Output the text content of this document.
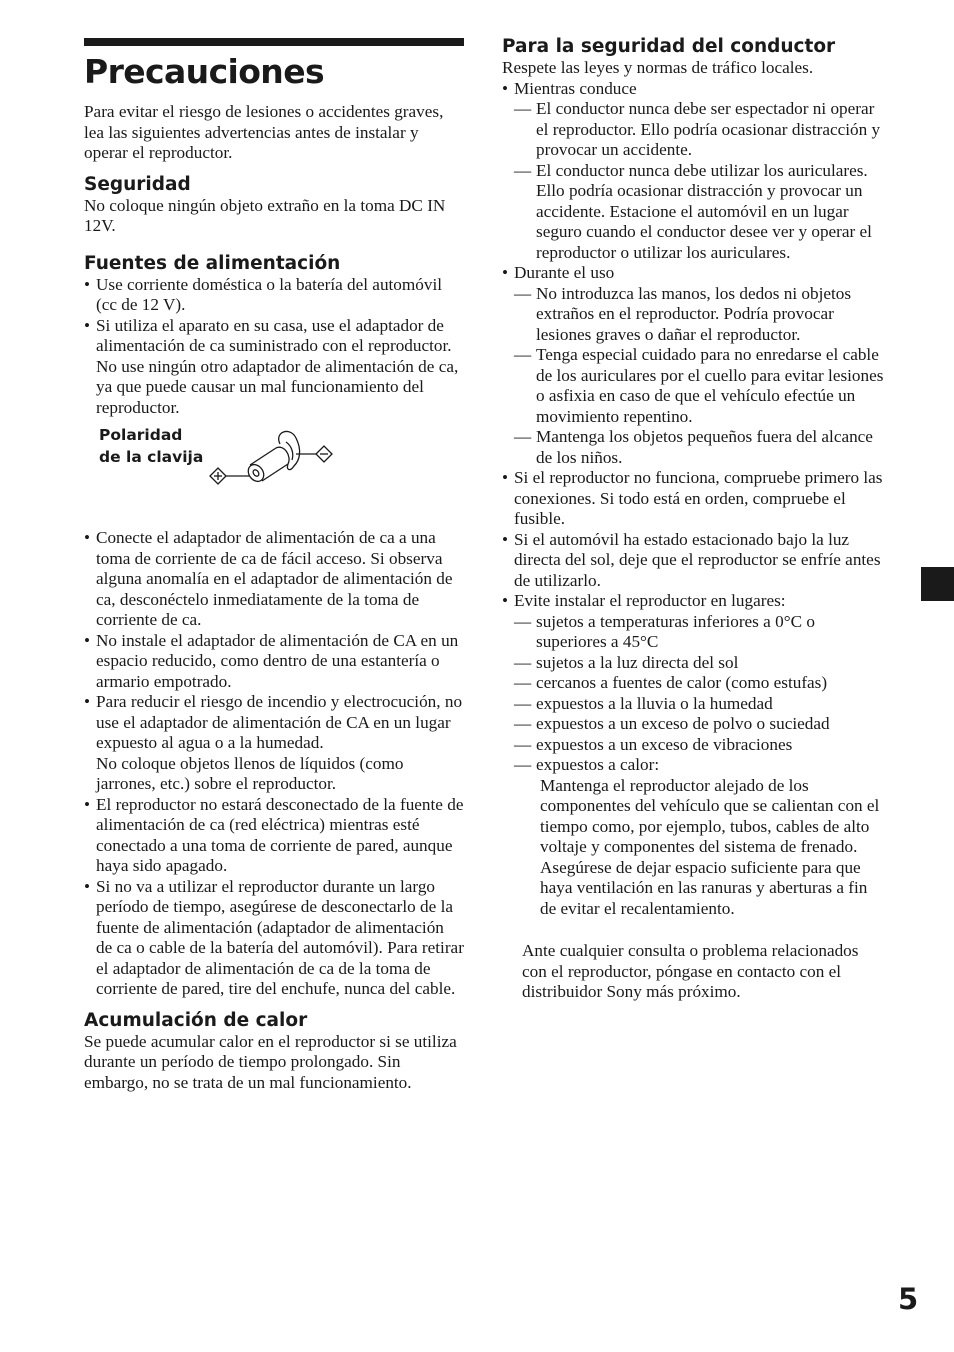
Precauciones

Para evitar el riesgo de lesiones o accidentes graves, lea las siguientes advertencias antes de instalar y operar el reproductor.

Seguridad

No coloque ningún objeto extraño en la toma DC IN 12V.

Fuentes de alimentación
• Use corriente doméstica o la batería del automóvil (cc de 12 V).
• Si utiliza el aparato en su casa, use el adaptador de alimentación de ca suministrado con el reproductor. No use ningún otro adaptador de alimentación de ca, ya que puede causar un mal funcionamiento del reproductor.
Polaridad
de la clavija
• Conecte el adaptador de alimentación de ca a una toma de corriente de ca de fácil acceso. Si observa alguna anomalía en el adaptador de alimentación de ca, desconéctelo inmediatamente de la toma de corriente de ca.
• No instale el adaptador de alimentación de CA en un espacio reducido, como dentro de una estantería o armario empotrado.
• Para reducir el riesgo de incendio y electrocución, no use el adaptador de alimentación de CA en un lugar expuesto al agua o a la humedad.
No coloque objetos llenos de líquidos (como jarrones, etc.) sobre el reproductor.
• El reproductor no estará desconectado de la fuente de alimentación de ca (red eléctrica) mientras esté conectado a una toma de corriente de pared, aunque haya sido apagado.
• Si no va a utilizar el reproductor durante un largo período de tiempo, asegúrese de desconectarlo de la fuente de alimentación (adaptador de alimentación de ca o cable de la batería del automóvil). Para retirar el adaptador de alimentación de ca de la toma de corriente de pared, tire del enchufe, nunca del cable.
Acumulación de calor

Se puede acumular calor en el reproductor si se utiliza durante un período de tiempo prolongado. Sin embargo, no se trata de un mal funcionamiento.

Para la seguridad del conductor

Respete las leyes y normas de tráfico locales.

• Mientras conduce
— El conductor nunca debe ser espectador ni operar el reproductor. Ello podría ocasionar distracción y provocar un accidente.
— El conductor nunca debe utilizar los auriculares. Ello podría ocasionar distracción y provocar un accidente. Estacione el automóvil en un lugar seguro cuando el conductor desee ver y operar el reproductor o utilizar los auriculares.
• Durante el uso
— No introduzca las manos, los dedos ni objetos extraños en el reproductor. Podría provocar lesiones graves o dañar el reproductor.
— Tenga especial cuidado para no enredarse el cable de los auriculares por el cuello para evitar lesiones o asfixia en caso de que el vehículo efectúe un movimiento repentino.
— Mantenga los objetos pequeños fuera del alcance de los niños.
• Si el reproductor no funciona, compruebe primero las conexiones. Si todo está en orden, compruebe el fusible.
• Si el automóvil ha estado estacionado bajo la luz directa del sol, deje que el reproductor se enfríe antes de utilizarlo.
• Evite instalar el reproductor en lugares:
— sujetos a temperaturas inferiores a 0°C o superiores a 45°C
— sujetos a la luz directa del sol
— cercanos a fuentes de calor (como estufas)
— expuestos a la lluvia o la humedad
— expuestos a un exceso de polvo o suciedad
— expuestos a un exceso de vibraciones
— expuestos a calor:
Mantenga el reproductor alejado de los componentes del vehículo que se calientan con el tiempo como, por ejemplo, tubos, cables de alto voltaje y componentes del sistema de frenado. Asegúrese de dejar espacio suficiente para que haya ventilación en las ranuras y aberturas a fin de evitar el recalentamiento.

Ante cualquier consulta o problema relacionados con el reproductor, póngase en contacto con el distribuidor Sony más próximo.

5
